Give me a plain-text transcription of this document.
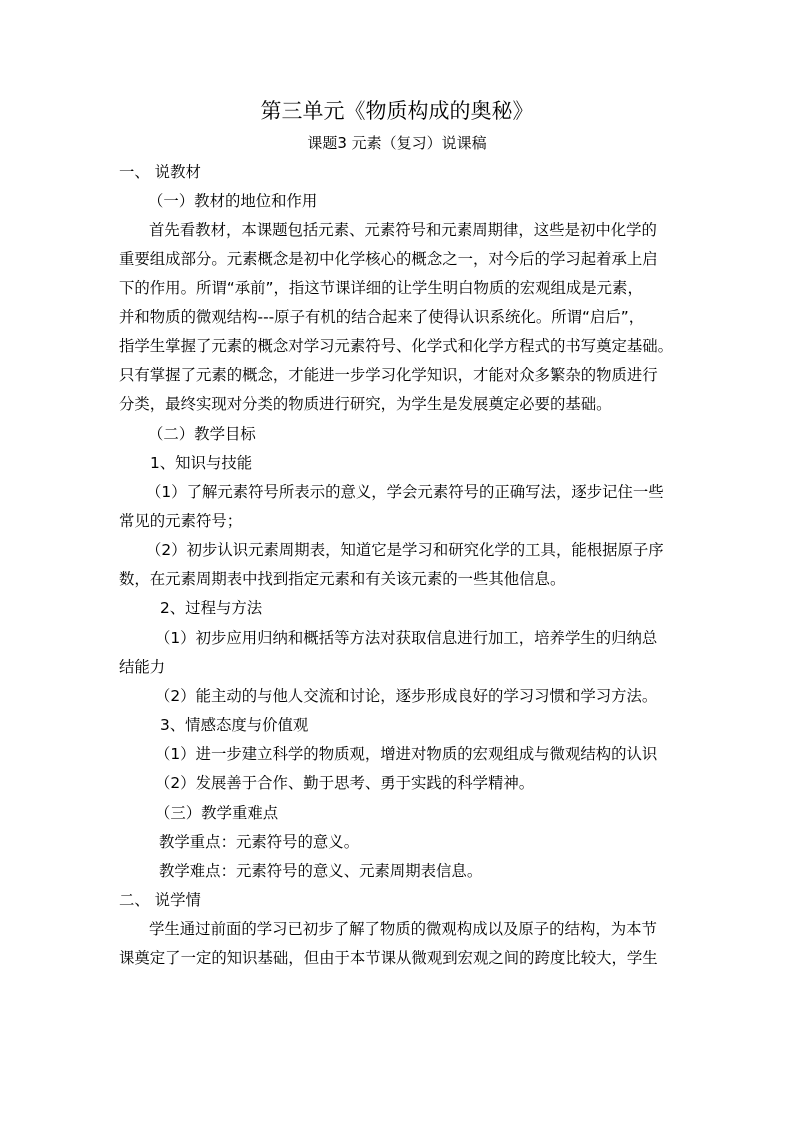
第三单元《物质构成的奥秘》
课题3 元素（复习）说课稿
一、 说教材
（一）教材的地位和作用
首先看教材，本课题包括元素、元素符号和元素周期律，这些是初中化学的
重要组成部分。元素概念是初中化学核心的概念之一，对今后的学习起着承上启
下的作用。所谓“承前”，指这节课详细的让学生明白物质的宏观组成是元素，
并和物质的微观结构---原子有机的结合起来了使得认识系统化。所谓“启后”，
指学生掌握了元素的概念对学习元素符号、化学式和化学方程式的书写奠定基础。
只有掌握了元素的概念，才能进一步学习化学知识，才能对众多繁杂的物质进行
分类，最终实现对分类的物质进行研究，为学生是发展奠定必要的基础。
（二）教学目标
1、知识与技能
（1）了解元素符号所表示的意义，学会元素符号的正确写法，逐步记住一些
常见的元素符号；
（2）初步认识元素周期表，知道它是学习和研究化学的工具，能根据原子序
数，在元素周期表中找到指定元素和有关该元素的一些其他信息。
2、过程与方法
（1）初步应用归纳和概括等方法对获取信息进行加工，培养学生的归纳总
结能力
（2）能主动的与他人交流和讨论，逐步形成良好的学习习惯和学习方法。
3、情感态度与价值观
（1）进一步建立科学的物质观，增进对物质的宏观组成与微观结构的认识
（2）发展善于合作、勤于思考、勇于实践的科学精神。
（三）教学重难点
教学重点：元素符号的意义。
教学难点：元素符号的意义、元素周期表信息。
二、 说学情
学生通过前面的学习已初步了解了物质的微观构成以及原子的结构，为本节
课奠定了一定的知识基础，但由于本节课从微观到宏观之间的跨度比较大，学生
